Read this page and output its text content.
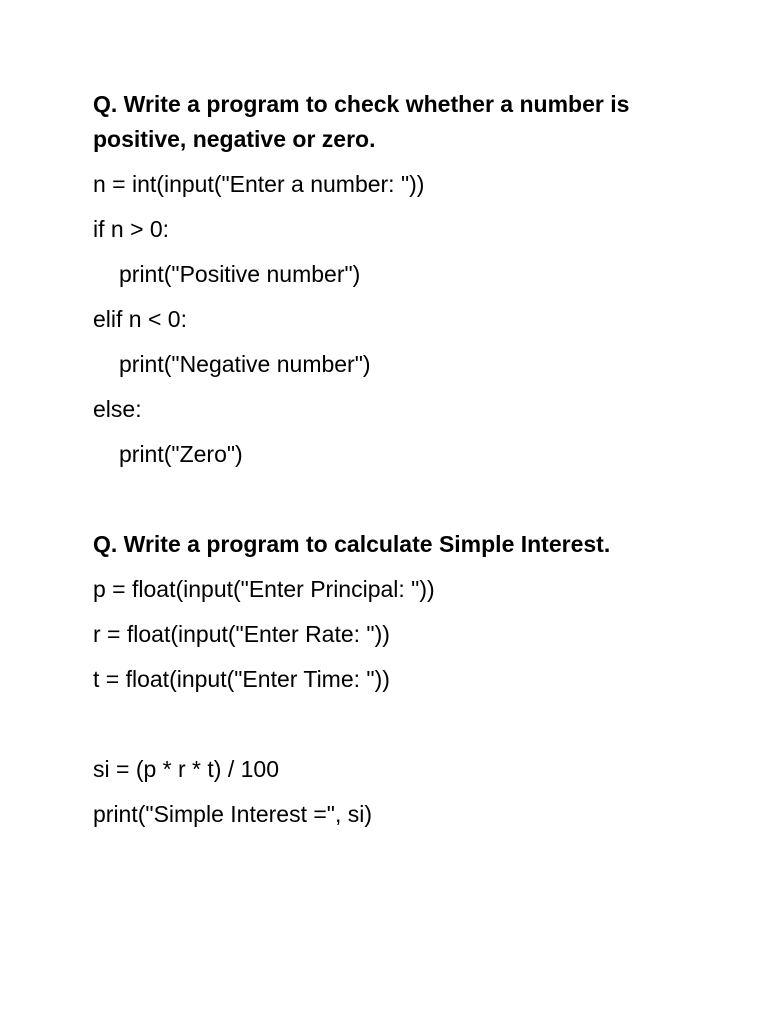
Q. Write a program to check whether a number is positive, negative or zero.
n = int(input("Enter a number: "))
if n > 0:
print("Positive number")
elif n < 0:
print("Negative number")
else:
print("Zero")
Q. Write a program to calculate Simple Interest.
p = float(input("Enter Principal: "))
r = float(input("Enter Rate: "))
t = float(input("Enter Time: "))
si = (p * r * t) / 100
print("Simple Interest =", si)
